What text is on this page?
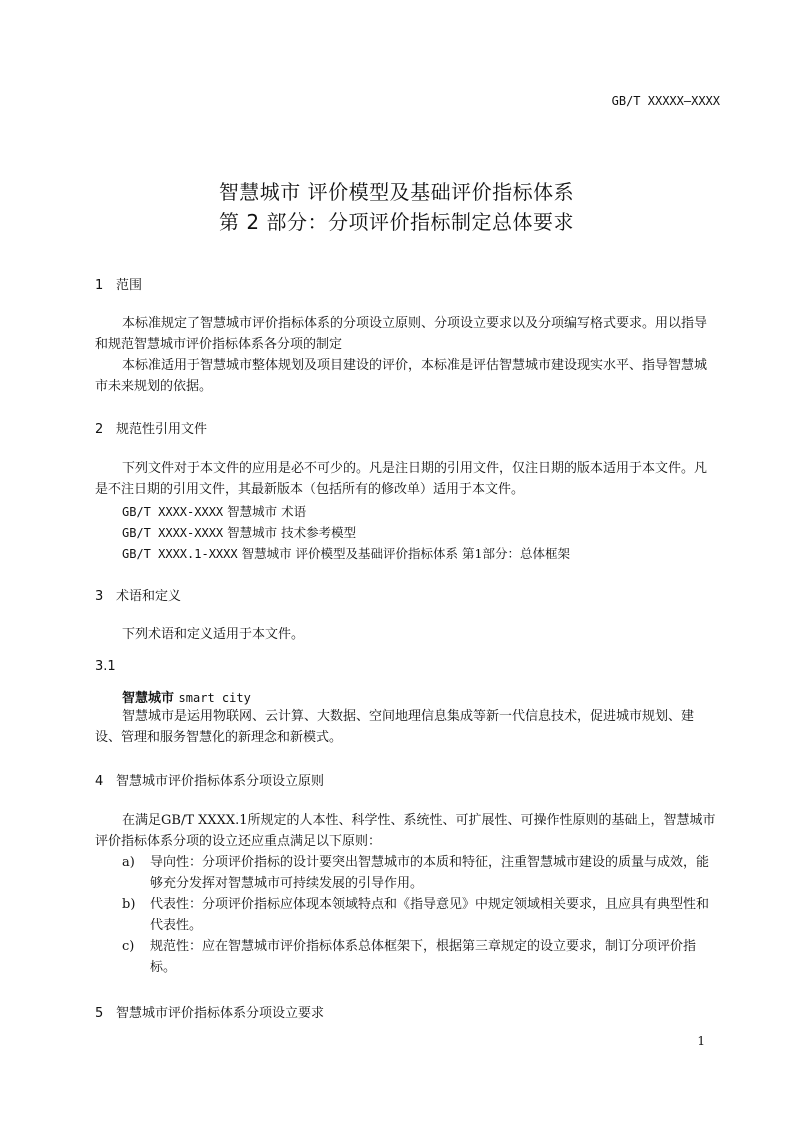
GB/T XXXXX—XXXX
智慧城市 评价模型及基础评价指标体系
第 2 部分：分项评价指标制定总体要求
1 范围

本标准规定了智慧城市评价指标体系的分项设立原则、分项设立要求以及分项编写格式要求。用以指导和规范智慧城市评价指标体系各分项的制定

本标准适用于智慧城市整体规划及项目建设的评价，本标准是评估智慧城市建设现实水平、指导智慧城市未来规划的依据。

2 规范性引用文件

下列文件对于本文件的应用是必不可少的。凡是注日期的引用文件，仅注日期的版本适用于本文件。凡是不注日期的引用文件，其最新版本（包括所有的修改单）适用于本文件。

GB/T XXXX-XXXX 智慧城市 术语
GB/T XXXX-XXXX 智慧城市 技术参考模型
GB/T XXXX.1-XXXX 智慧城市 评价模型及基础评价指标体系 第1部分：总体框架
3 术语和定义

下列术语和定义适用于本文件。

3.1
智慧城市 smart city

智慧城市是运用物联网、云计算、大数据、空间地理信息集成等新一代信息技术，促进城市规划、建设、管理和服务智慧化的新理念和新模式。

4 智慧城市评价指标体系分项设立原则

在满足GB/T XXXX.1所规定的人本性、科学性、系统性、可扩展性、可操作性原则的基础上，智慧城市评价指标体系分项的设立还应重点满足以下原则：

a)	导向性：分项评价指标的设计要突出智慧城市的本质和特征，注重智慧城市建设的质量与成效，能够充分发挥对智慧城市可持续发展的引导作用。
b)	代表性：分项评价指标应体现本领域特点和《指导意见》中规定领域相关要求，且应具有典型性和代表性。
c)	规范性：应在智慧城市评价指标体系总体框架下，根据第三章规定的设立要求，制订分项评价指标。
5 智慧城市评价指标体系分项设立要求
1
